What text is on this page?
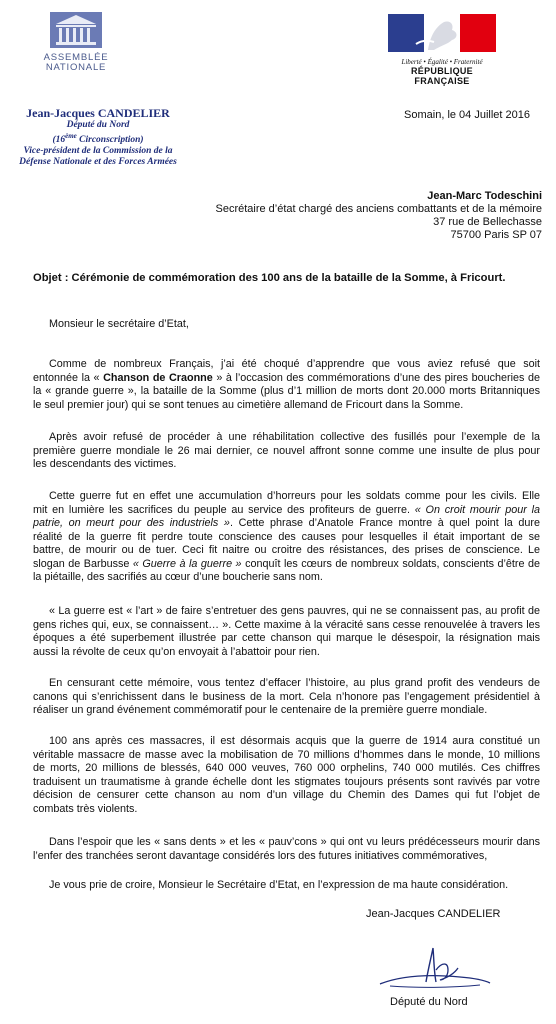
ASSEMBLÉE
NATIONALE	Liberté • Égalité • Fraternité
RÉPUBLIQUE FRANÇAISE
Jean-Jacques CANDELIER
Député du Nord
(16ème Circonscription)
Vice-président de la Commission de la
Défense Nationale et des Forces Armées
Somain, le 04 Juillet 2016
Jean-Marc Todeschini
Secrétaire d’état chargé des anciens combattants et de la mémoire
37 rue de Bellechasse
75700 Paris SP 07
Objet : Cérémonie de commémoration des 100 ans de la bataille de la Somme, à Fricourt.
Monsieur le secrétaire d’Etat,
Comme de nombreux Français, j’ai été choqué d’apprendre que vous aviez refusé que soit
entonnée la « Chanson de Craonne » à l’occasion des commémorations d’une des pires boucheries de
la « grande guerre », la bataille de la Somme (plus d’1 million de morts dont 20.000 morts Britanniques
le seul premier jour) qui se sont tenues au cimetière allemand de Fricourt dans la Somme.
Après avoir refusé de procéder à une réhabilitation collective des fusillés pour l’exemple de la
première guerre mondiale le 26 mai dernier, ce nouvel affront sonne comme une insulte de plus pour
les descendants des victimes.
Cette guerre fut en effet une accumulation d’horreurs pour les soldats comme pour les civils. Elle
mit en lumière les sacrifices du peuple au service des profiteurs de guerre. « On croit mourir pour la
patrie, on meurt pour des industriels ». Cette phrase d’Anatole France montre à quel point la dure
réalité de la guerre fit perdre toute conscience des causes pour lesquelles il était important de se
battre, de mourir ou de tuer. Ceci fit naitre ou croitre des résistances, des prises de conscience. Le
slogan de Barbusse « Guerre à la guerre » conquît les cœurs de nombreux soldats, conscients d’être de
la piétaille, des sacrifiés au cœur d’une boucherie sans nom.
« La guerre est « l’art » de faire s’entretuer des gens pauvres, qui ne se connaissent pas, au profit de
gens riches qui, eux, se connaissent… ». Cette maxime à la véracité sans cesse renouvelée à travers les
époques a été superbement illustrée par cette chanson qui marque le désespoir, la résignation mais
aussi la révolte de ceux qu’on envoyait à l’abattoir pour rien.
En censurant cette mémoire, vous tentez d’effacer l’histoire, au plus grand profit des vendeurs de
canons qui s’enrichissent dans le business de la mort. Cela n’honore pas l’engagement présidentiel à
réaliser un grand événement commémoratif pour le centenaire de la première guerre mondiale.
100 ans après ces massacres, il est désormais acquis que la guerre de 1914 aura constitué un
véritable massacre de masse avec la mobilisation de 70 millions d’hommes dans le monde, 10 millions
de morts, 20 millions de blessés, 640 000 veuves, 760 000 orphelins, 740 000 mutilés. Ces chiffres
traduisent un traumatisme à grande échelle dont les stigmates toujours présents sont ravivés par votre
décision de censurer cette chanson au nom d’un village du Chemin des Dames qui fut l’objet de
combats très violents.
Dans l’espoir que les « sans dents » et les « pauv’cons » qui ont vu leurs prédécesseurs mourir dans
l’enfer des tranchées seront davantage considérés lors des futures initiatives commémoratives,
Je vous prie de croire, Monsieur le Secrétaire d’Etat, en l’expression de ma haute considération.
Jean-Jacques CANDELIER
Député du Nord
